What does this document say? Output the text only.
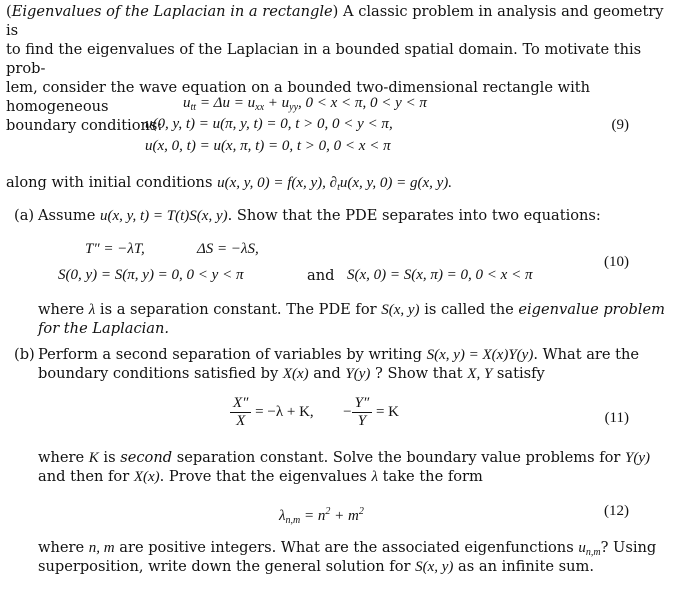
(Eigenvalues of the Laplacian in a rectangle) A classic problem in analysis and geometry is
to find the eigenvalues of the Laplacian in a bounded spatial domain. To motivate this prob-
lem, consider the wave equation on a bounded two-dimensional rectangle with homogeneous
boundary conditions:
$u_{tt} = \Delta u = u_{xx} + u_{yy}$, 0 < x < π, 0 < y < π
u(0, y, t) = u(π, y, t) = 0, t > 0, 0 < y < π,
u(x, 0, t) = u(x, π, t) = 0, t > 0, 0 < x < π
(9)
along with initial conditions u(x, y, 0) = f(x, y), $\partial_tu(x$, y, 0) = g(x, y).
(a) Assume u(x, y, t) = T(t)S(x, y). Show that the PDE separates into two equations:
T″ = −λT,	ΔS = −λS,
S(0, y) = S(π, y) = 0, 0 < y < π	and S(x, 0) = S(x, π) = 0, 0 < x < π
(10)
where λ is a separation constant. The PDE for S(x, y) is called the eigenvalue problem
for the Laplacian.
(b) Perform a second separation of variables by writing S(x, y) = X(x)Y(y). What are the
boundary conditions satisfied by X(x) and Y(y) ? Show that X, Y satisfy
$\frac{X''}{X} = -\lambda + K$, − $\frac{Y''}{Y} = K$	(11)
where K is second separation constant. Solve the boundary value problems for Y(y)
and then for X(x). Prove that the eigenvalues λ take the form
$\lambda_{n,m} = n^2 + m^2$	(12)
where n, m are positive integers. What are the associated eigenfunctions $u_{n,m}$? Using
superposition, write down the general solution for S(x, y) as an infinite sum.
